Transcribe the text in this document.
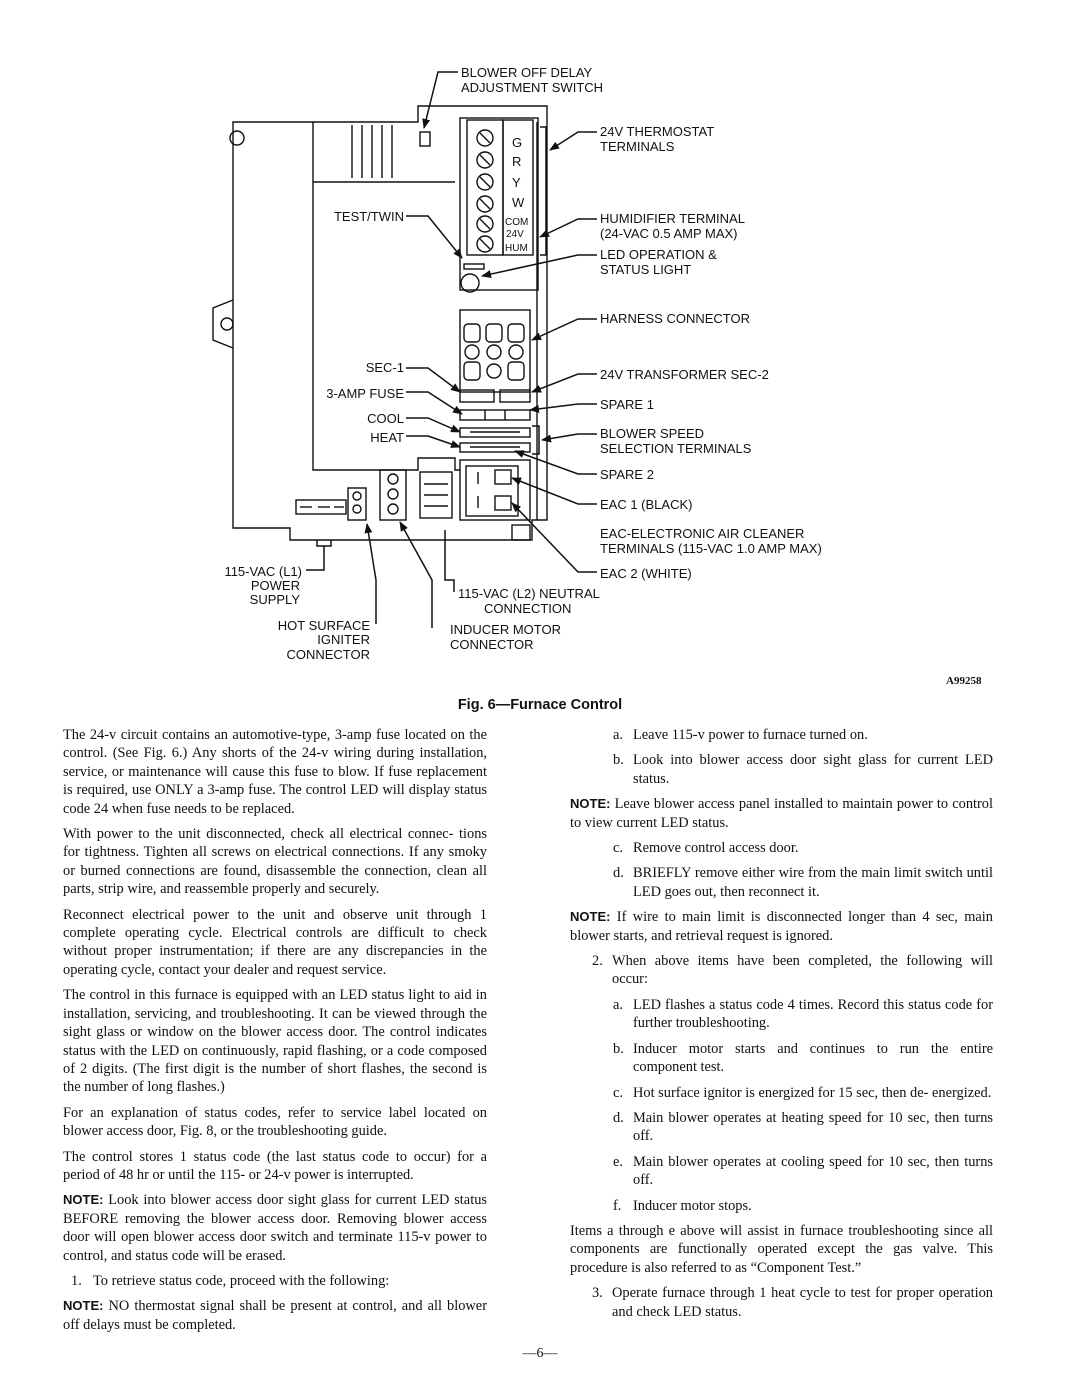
G
R
Y
W
COM
24V
HUM
BLOWER OFF DELAY
ADJUSTMENT SWITCH
24V THERMOSTAT
TERMINALS
TEST/TWIN	HUMIDIFIER TERMINAL
(24-VAC 0.5 AMP MAX)
LED OPERATION &
STATUS LIGHT
HARNESS CONNECTOR
SEC-1	24V TRANSFORMER SEC-2
3-AMP FUSE
SPARE 1
COOL
HEAT	BLOWER SPEED
SELECTION TERMINALS
SPARE 2
EAC 1 (BLACK)
EAC-ELECTRONIC AIR CLEANER
TERMINALS (115-VAC 1.0 AMP MAX)
115-VAC (L1)
POWER
SUPPLY
EAC 2 (WHITE)
115-VAC (L2) NEUTRAL
CONNECTION
HOT SURFACE
IGNITER
CONNECTOR
INDUCER MOTOR
CONNECTOR
A99258
Fig. 6—Furnace Control

The 24-v circuit contains an automotive-type, 3-amp fuse located on the control. (See Fig. 6.) Any shorts of the 24-v wiring during installation, service, or maintenance will cause this fuse to blow. If fuse replacement is required, use ONLY a 3-amp fuse. The control LED will display status code 24 when fuse needs to be replaced.

With power to the unit disconnected, check all electrical connec- tions for tightness. Tighten all screws on electrical connections. If any smoky or burned connections are found, disassemble the connection, clean all parts, strip wire, and reassemble properly and securely.

Reconnect electrical power to the unit and observe unit through 1 complete operating cycle. Electrical controls are difficult to check without proper instrumentation; if there are any discrepancies in the operating cycle, contact your dealer and request service.

The control in this furnace is equipped with an LED status light to aid in installation, servicing, and troubleshooting. It can be viewed through the sight glass or window on the blower access door. The control indicates status with the LED on continuously, rapid flashing, or a code composed of 2 digits. (The first digit is the number of short flashes, the second is the number of long flashes.)

For an explanation of status codes, refer to service label located on blower access door, Fig. 8, or the troubleshooting guide.

The control stores 1 status code (the last status code to occur) for a period of 48 hr or until the 115- or 24-v power is interrupted.

NOTE: Look into blower access door sight glass for current LED status BEFORE removing the blower access door. Removing blower access door will open blower access door switch and terminate 115-v power to control, and status code will be erased.

1. To retrieve status code, proceed with the following:

NOTE: NO thermostat signal shall be present at control, and all blower off delays must be completed.

a. Leave 115-v power to furnace turned on.
b. Look into blower access door sight glass for current LED status.

NOTE: Leave blower access panel installed to maintain power to control to view current LED status.

c. Remove control access door.
d. BRIEFLY remove either wire from the main limit switch until LED goes out, then reconnect it.

NOTE: If wire to main limit is disconnected longer than 4 sec, main blower starts, and retrieval request is ignored.

2. When above items have been completed, the following will occur:
a. LED flashes a status code 4 times. Record this status code for further troubleshooting.
b. Inducer motor starts and continues to run the entire component test.
c. Hot surface ignitor is energized for 15 sec, then de- energized.
d. Main blower operates at heating speed for 10 sec, then turns off.
e. Main blower operates at cooling speed for 10 sec, then turns off.
f. Inducer motor stops.

Items a through e above will assist in furnace troubleshooting since all components are functionally operated except the gas valve. This procedure is also referred to as “Component Test.”

3. Operate furnace through 1 heat cycle to test for proper operation and check LED status.
—6—
